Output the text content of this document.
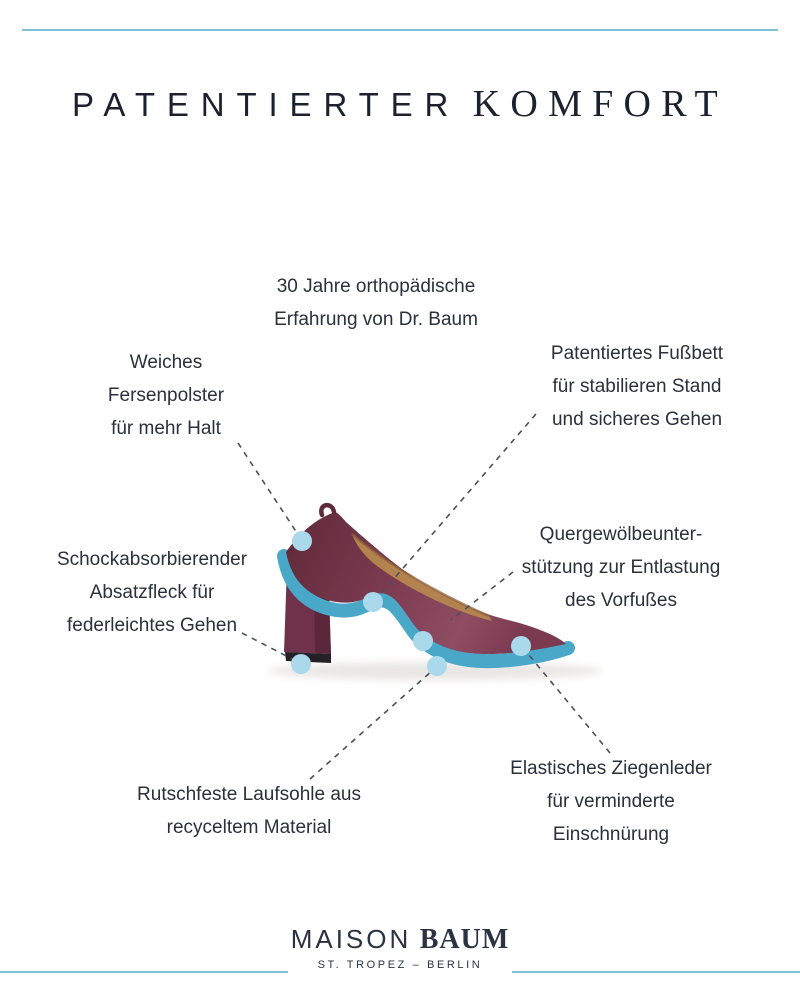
PATENTIERTER KOMFORT
30 Jahre orthopädische
Erfahrung von Dr. Baum
Weiches
Fersenpolster
für mehr Halt
Patentiertes Fußbett
für stabilieren Stand
und sicheres Gehen
Schockabsorbierender
Absatzfleck für
federleichtes Gehen
Quergewölbeunter-
stützung zur Entlastung
des Vorfußes
Rutschfeste Laufsohle aus
recyceltem Material
Elastisches Ziegenleder
für verminderte
Einschnürung
MAISON BAUM
ST. TROPEZ – BERLIN
